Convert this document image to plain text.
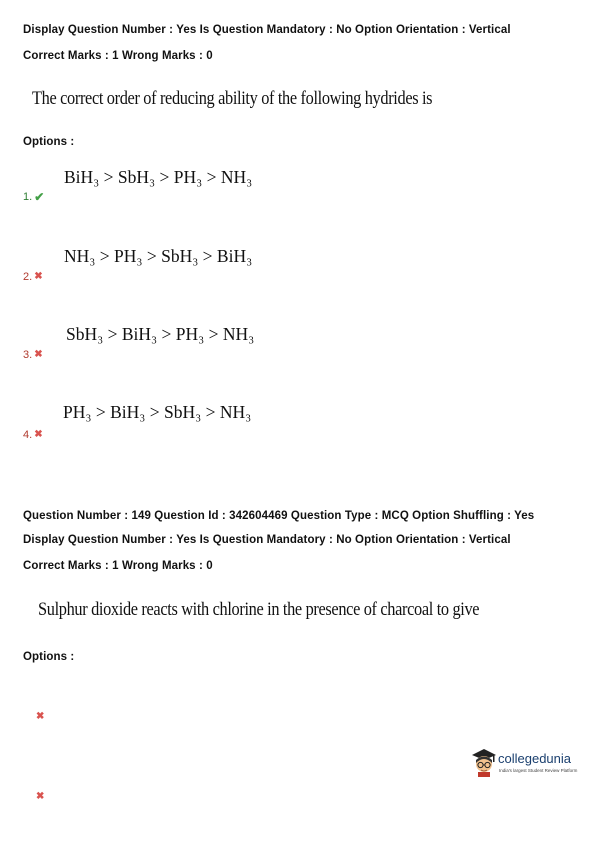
Display Question Number : Yes Is Question Mandatory : No Option Orientation : Vertical
Correct Marks : 1 Wrong Marks : 0
The correct order of reducing ability of the following hydrides is
Options :
BiH₃ > SbH₃ > PH₃ > NH₃
1. ✔
NH₃ > PH₃ > SbH₃ > BiH₃
2. ✖
SbH₃ > BiH₃ > PH₃ > NH₃
3. ✖
PH₃ > BiH₃ > SbH₃ > NH₃
4. ✖
Question Number : 149 Question Id : 342604469 Question Type : MCQ Option Shuffling : Yes
Display Question Number : Yes Is Question Mandatory : No Option Orientation : Vertical
Correct Marks : 1 Wrong Marks : 0
Sulphur dioxide reacts with chlorine in the presence of charcoal to give
Options :
✖
✖
collegedunia
India's largest Student Review Platform
